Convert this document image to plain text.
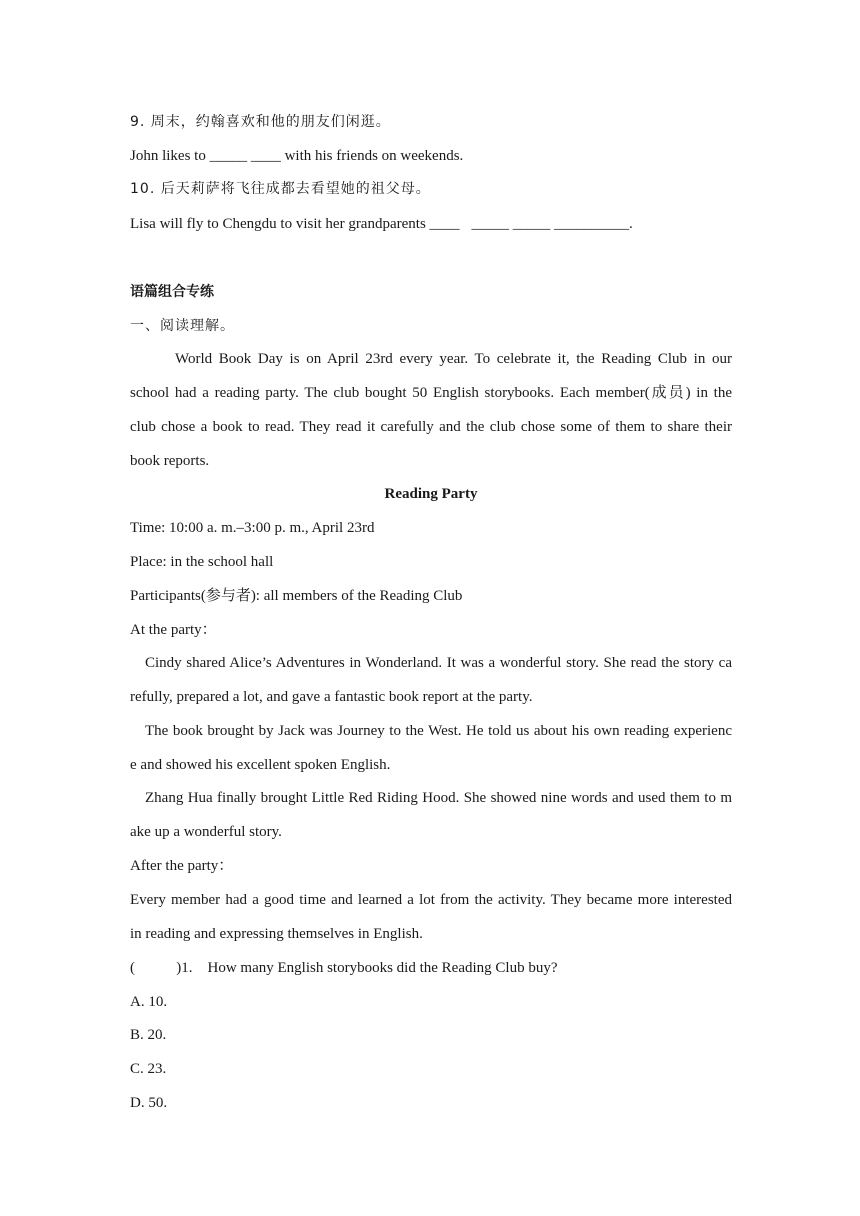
9. 周末，约翰喜欢和他的朋友们闲逛。
John likes to _____ ____ with his friends on weekends.
10. 后天莉萨将飞往成都去看望她的祖父母。
Lisa will fly to Chengdu to visit her grandparents ____ _____ _____ __________.
语篇组合专练
一、阅读理解。
World Book Day is on April 23rd every year. To celebrate it, the Reading Club in our
school had a reading party. The club bought 50 English storybooks. Each member(成员) in the
club chose a book to read. They read it carefully and the club chose some of them to share their
book reports.
Reading Party
Time: 10:00 a. m.–3:00 p. m., April 23rd
Place: in the school hall
Participants(参与者): all members of the Reading Club
At the party：
Cindy shared Alice’s Adventures in Wonderland. It was a wonderful story. She read the story ca
refully, prepared a lot, and gave a fantastic book report at the party.
The book brought by Jack was Journey to the West. He told us about his own reading experienc
e and showed his excellent spoken English.
Zhang Hua finally brought Little Red Riding Hood. She showed nine words and used them to m
ake up a wonderful story.
After the party：
Every member had a good time and learned a lot from the activity. They became more interested
in reading and expressing themselves in English.
(           )1. How many English storybooks did the Reading Club buy?
A. 10.
B. 20.
C. 23.
D. 50.
